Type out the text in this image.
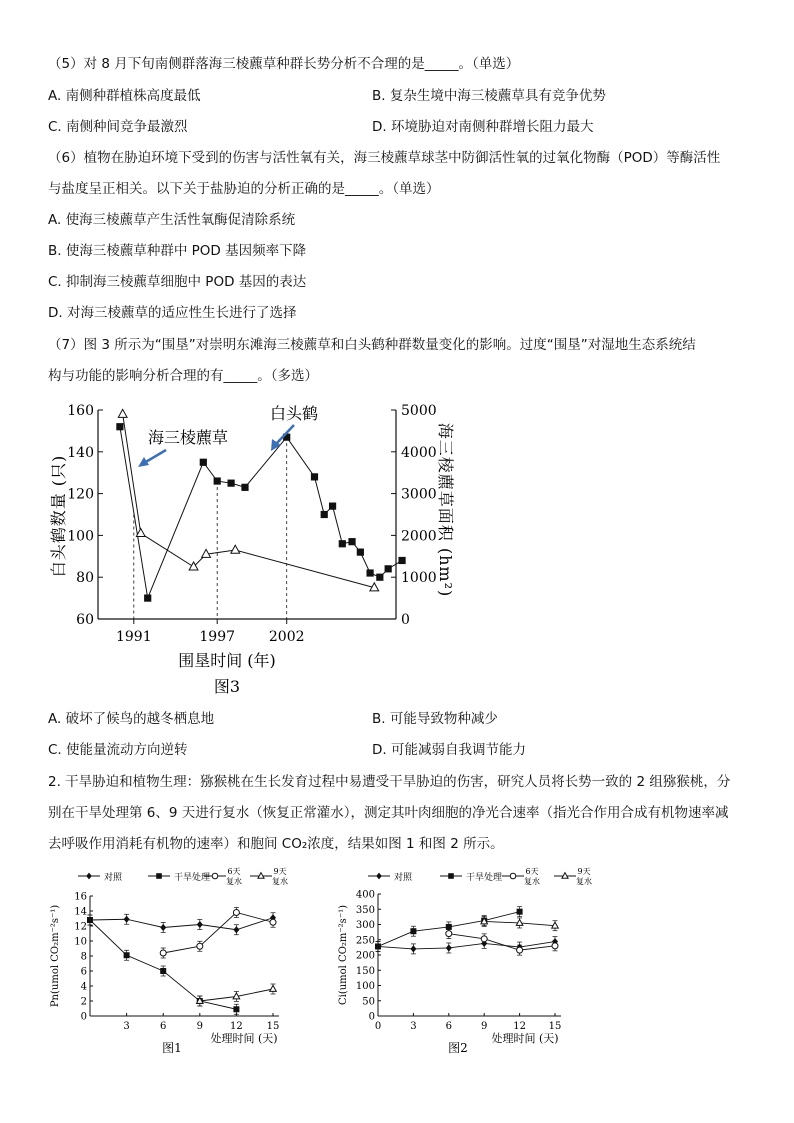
（5）对 8 月下旬南侧群落海三棱藨草种群长势分析不合理的是_____。（单选）
A. 南侧种群植株高度最低	B. 复杂生境中海三棱藨草具有竞争优势
C. 南侧种间竞争最激烈	D. 环境胁迫对南侧种群增长阻力最大
（6）植物在胁迫环境下受到的伤害与活性氧有关，海三棱藨草球茎中防御活性氧的过氧化物酶（POD）等酶活性
与盐度呈正相关。以下关于盐胁迫的分析正确的是_____。（单选）
A. 使海三棱藨草产生活性氧酶促清除系统
B. 使海三棱藨草种群中 POD 基因频率下降
C. 抑制海三棱藨草细胞中 POD 基因的表达
D. 对海三棱藨草的适应性生长进行了选择
（7）图 3 所示为“围垦”对崇明东滩海三棱藨草和白头鹤种群数量变化的影响。过度“围垦”对湿地生态系统结
构与功能的影响分析合理的有_____。（多选）
60
80
100
120
140
160
0
1000
2000
3000
4000
5000
1991	1997 2002
海三棱藨草
白头鹤
白头鹤数量 (只)	海三棱藨草面积 (hm²)
围垦时间 (年)
图3
A. 破坏了候鸟的越冬栖息地	B. 可能导致物种减少
C. 使能量流动方向逆转	D. 可能减弱自我调节能力
2. 干旱胁迫和植物生理：猕猴桃在生长发育过程中易遭受干旱胁迫的伤害，研究人员将长势一致的 2 组猕猴桃，分
别在干旱处理第 6、9 天进行复水（恢复正常灌水），测定其叶肉细胞的净光合速率（指光合作用合成有机物速率减
去呼吸作用消耗有机物的速率）和胞间 CO₂浓度，结果如图 1 和图 2 所示。
对照	干旱处理
6天
复水
9天
复水
0
2
4
6
8
10
12
14
16
3	6	9	12 15
Pn(umol CO₂m⁻²s⁻¹)
处理时间 (天)
图1
对照	干旱处理
6天
复水
9天
复水
0
50
100
150
200
250
300
350
400
0	3	6	9	12 15
Ci(umol CO₂m⁻²s⁻¹)
处理时间 (天)
图2
